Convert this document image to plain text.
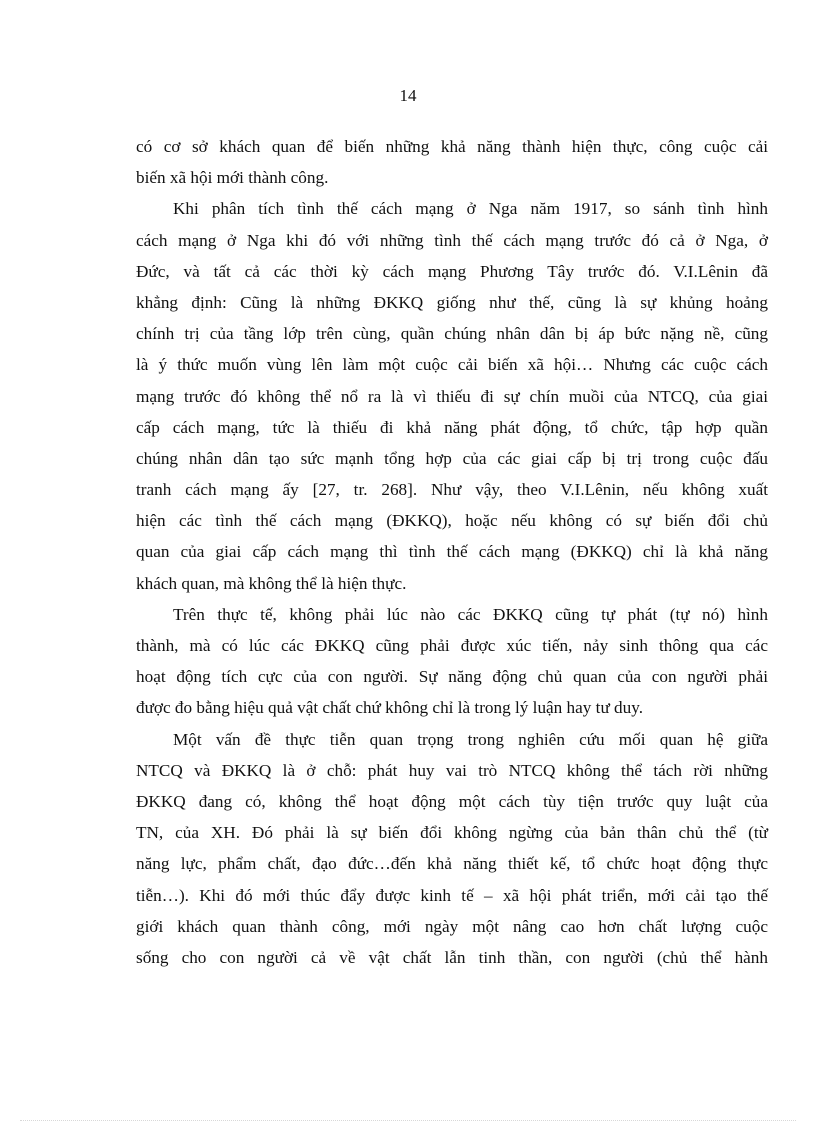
14
có cơ sở khách quan để biến những khả năng thành hiện thực, công cuộc cải
biến xã hội mới thành công.
Khi phân tích tình thế cách mạng ở Nga năm 1917, so sánh tình hình
cách mạng ở Nga khi đó với những tình thế cách mạng trước đó cả ở Nga, ở
Đức, và tất cả các thời kỳ cách mạng Phương Tây trước đó. V.I.Lênin đã
khẳng định: Cũng là những ĐKKQ giống như thế, cũng là sự khủng hoảng
chính trị của tầng lớp trên cùng, quần chúng nhân dân bị áp bức nặng nề, cũng
là ý thức muốn vùng lên làm một cuộc cải biến xã hội… Nhưng các cuộc cách
mạng trước đó không thể nổ ra là vì thiếu đi sự chín muồi của NTCQ, của giai
cấp cách mạng, tức là thiếu đi khả năng phát động, tổ chức, tập hợp quần
chúng nhân dân tạo sức mạnh tổng hợp của các giai cấp bị trị trong cuộc đấu
tranh cách mạng ấy [27, tr. 268]. Như vậy, theo V.I.Lênin, nếu không xuất
hiện các tình thế cách mạng (ĐKKQ), hoặc nếu không có sự biến đổi chủ
quan của giai cấp cách mạng thì tình thế cách mạng (ĐKKQ) chỉ là khả năng
khách quan, mà không thể là hiện thực.
Trên thực tế, không phải lúc nào các ĐKKQ cũng tự phát (tự nó) hình
thành, mà có lúc các ĐKKQ cũng phải được xúc tiến, nảy sinh thông qua các
hoạt động tích cực của con người. Sự năng động chủ quan của con người phải
được đo bằng hiệu quả vật chất chứ không chỉ là trong lý luận hay tư duy.
Một vấn đề thực tiễn quan trọng trong nghiên cứu mối quan hệ giữa
NTCQ và ĐKKQ là ở chỗ: phát huy vai trò NTCQ không thể tách rời những
ĐKKQ đang có, không thể hoạt động một cách tùy tiện trước quy luật của
TN, của XH. Đó phải là sự biến đổi không ngừng của bản thân chủ thể (từ
năng lực, phẩm chất, đạo đức…đến khả năng thiết kế, tổ chức hoạt động thực
tiễn…). Khi đó mới thúc đẩy được kinh tế – xã hội phát triển, mới cải tạo thế
giới khách quan thành công, mới ngày một nâng cao hơn chất lượng cuộc
sống cho con người cả về vật chất lẫn tinh thần, con người (chủ thể hành
